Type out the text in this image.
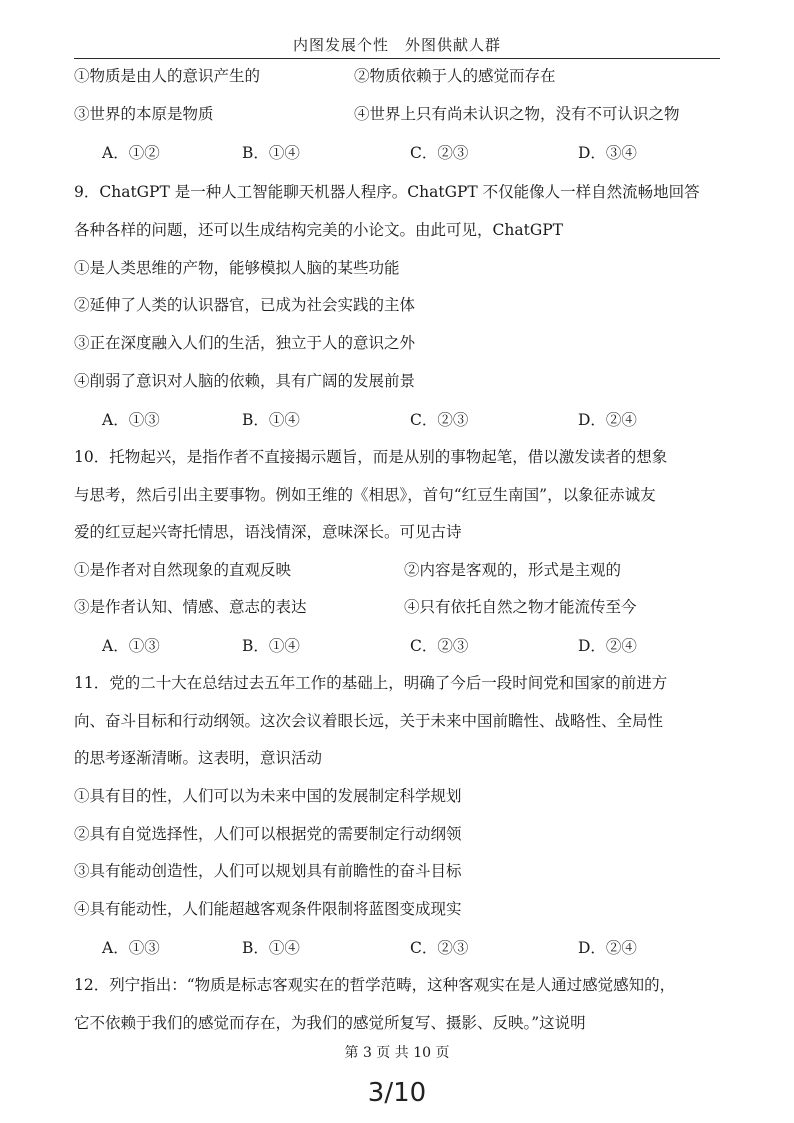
内图发展个性　外图供献人群
①物质是由人的意识产生的	②物质依赖于人的感觉而存在
③世界的本原是物质	④世界上只有尚未认识之物，没有不可认识之物
A．①②	B．①④	C．②③	D．③④
9．ChatGPT 是一种人工智能聊天机器人程序。ChatGPT 不仅能像人一样自然流畅地回答
各种各样的问题，还可以生成结构完美的小论文。由此可见，ChatGPT
①是人类思维的产物，能够模拟人脑的某些功能
②延伸了人类的认识器官，已成为社会实践的主体
③正在深度融入人们的生活，独立于人的意识之外
④削弱了意识对人脑的依赖，具有广阔的发展前景
A．①③	B．①④	C．②③	D．②④
10．托物起兴，是指作者不直接揭示题旨，而是从别的事物起笔，借以激发读者的想象
与思考，然后引出主要事物。例如王维的《相思》，首句“红豆生南国”，以象征赤诚友
爱的红豆起兴寄托情思，语浅情深，意味深长。可见古诗
①是作者对自然现象的直观反映	②内容是客观的，形式是主观的
③是作者认知、情感、意志的表达	④只有依托自然之物才能流传至今
A．①③	B．①④	C．②③	D．②④
11．党的二十大在总结过去五年工作的基础上，明确了今后一段时间党和国家的前进方
向、奋斗目标和行动纲领。这次会议着眼长远，关于未来中国前瞻性、战略性、全局性
的思考逐渐清晰。这表明，意识活动
①具有目的性，人们可以为未来中国的发展制定科学规划
②具有自觉选择性，人们可以根据党的需要制定行动纲领
③具有能动创造性，人们可以规划具有前瞻性的奋斗目标
④具有能动性，人们能超越客观条件限制将蓝图变成现实
A．①③	B．①④	C．②③	D．②④
12．列宁指出：“物质是标志客观实在的哲学范畴，这种客观实在是人通过感觉感知的，
它不依赖于我们的感觉而存在，为我们的感觉所复写、摄影、反映。”这说明
第 3 页 共 10 页
3/10
